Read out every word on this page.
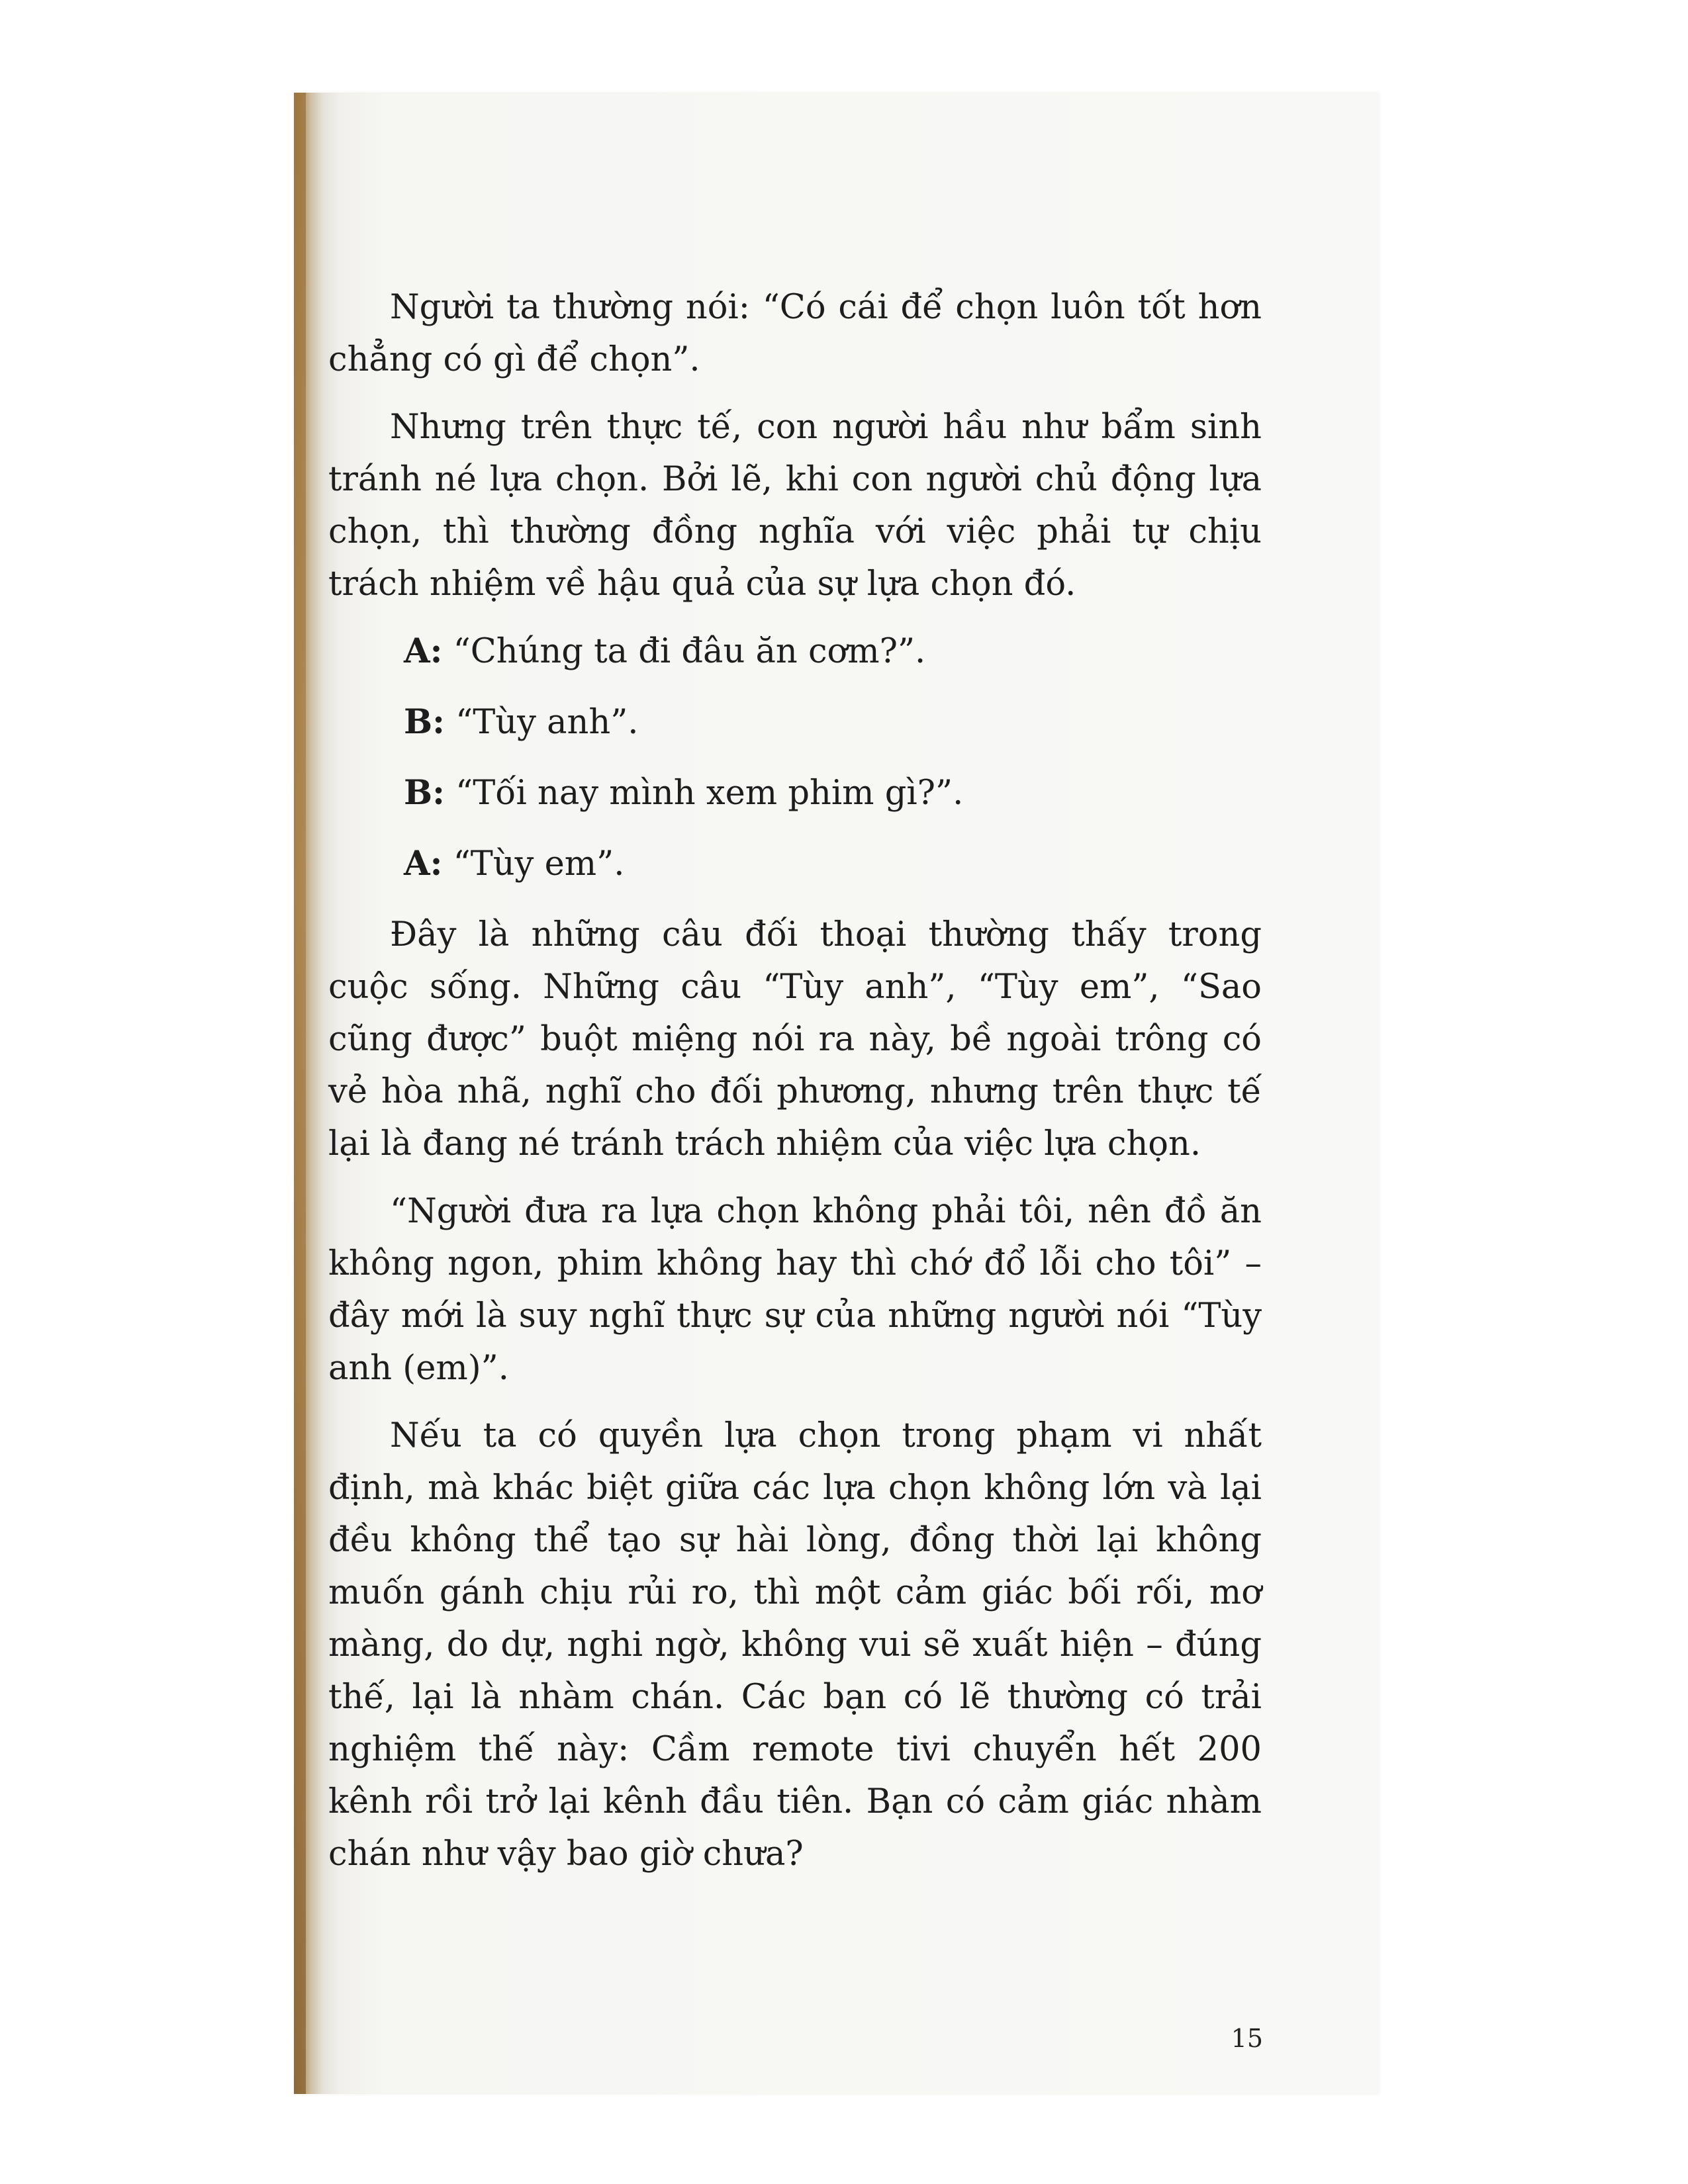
Người ta thường nói: “Có cái để chọn luôn tốt hơn chẳng có gì để chọn”.

Nhưng trên thực tế, con người hầu như bẩm sinh tránh né lựa chọn. Bởi lẽ, khi con người chủ động lựa chọn, thì thường đồng nghĩa với việc phải tự chịu trách nhiệm về hậu quả của sự lựa chọn đó.

A: “Chúng ta đi đâu ăn cơm?”.

B: “Tùy anh”.

B: “Tối nay mình xem phim gì?”.

A: “Tùy em”.

Đây là những câu đối thoại thường thấy trong cuộc sống. Những câu “Tùy anh”, “Tùy em”, “Sao cũng được” buột miệng nói ra này, bề ngoài trông có vẻ hòa nhã, nghĩ cho đối phương, nhưng trên thực tế lại là đang né tránh trách nhiệm của việc lựa chọn.

“Người đưa ra lựa chọn không phải tôi, nên đồ ăn không ngon, phim không hay thì chớ đổ lỗi cho tôi” – đây mới là suy nghĩ thực sự của những người nói “Tùy anh (em)”.

Nếu ta có quyền lựa chọn trong phạm vi nhất định, mà khác biệt giữa các lựa chọn không lớn và lại đều không thể tạo sự hài lòng, đồng thời lại không muốn gánh chịu rủi ro, thì một cảm giác bối rối, mơ màng, do dự, nghi ngờ, không vui sẽ xuất hiện – đúng thế, lại là nhàm chán. Các bạn có lẽ thường có trải nghiệm thế này: Cầm remote tivi chuyển hết 200 kênh rồi trở lại kênh đầu tiên. Bạn có cảm giác nhàm chán như vậy bao giờ chưa?

15
